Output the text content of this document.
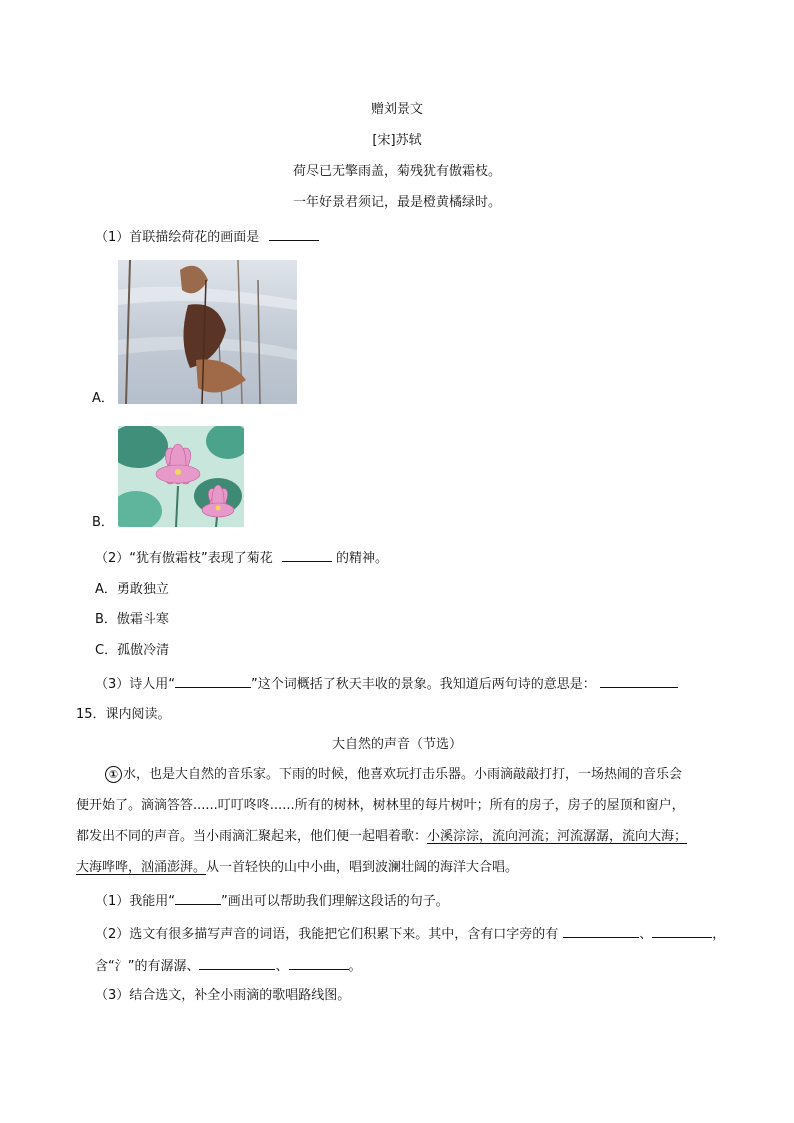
赠刘景文
[宋]苏轼
荷尽已无擎雨盖，菊残犹有傲霜枝。
一年好景君须记，最是橙黄橘绿时。
（1）首联描绘荷花的画面是
A．
B．
（2）“犹有傲霜枝”表现了菊花	的精神。
A．勇敢独立
B．傲霜斗寒
C．孤傲冷清
（3）诗人用“	”这个词概括了秋天丰收的景象。我知道后两句诗的意思是：
15．课内阅读。
大自然的声音（节选）
① 水，也是大自然的音乐家。下雨的时候，他喜欢玩打击乐器。小雨滴敲敲打打，一场热闹的音乐会
便开始了。滴滴答答......叮叮咚咚......所有的树林，树林里的每片树叶；所有的房子，房子的屋顶和窗户，
都发出不同的声音。当小雨滴汇聚起来，他们便一起唱着歌：小溪淙淙，流向河流；河流潺潺，流向大海；
大海哗哗，汹涌澎湃。从一首轻快的山中小曲，唱到波澜壮阔的海洋大合唱。
（1）我能用“	”画出可以帮助我们理解这段话的句子。
（2）选文有很多描写声音的词语，我能把它们积累下来。其中，含有口字旁的有	、	，
含“氵”的有潺潺、	、	。
（3）结合选文，补全小雨滴的歌唱路线图。
